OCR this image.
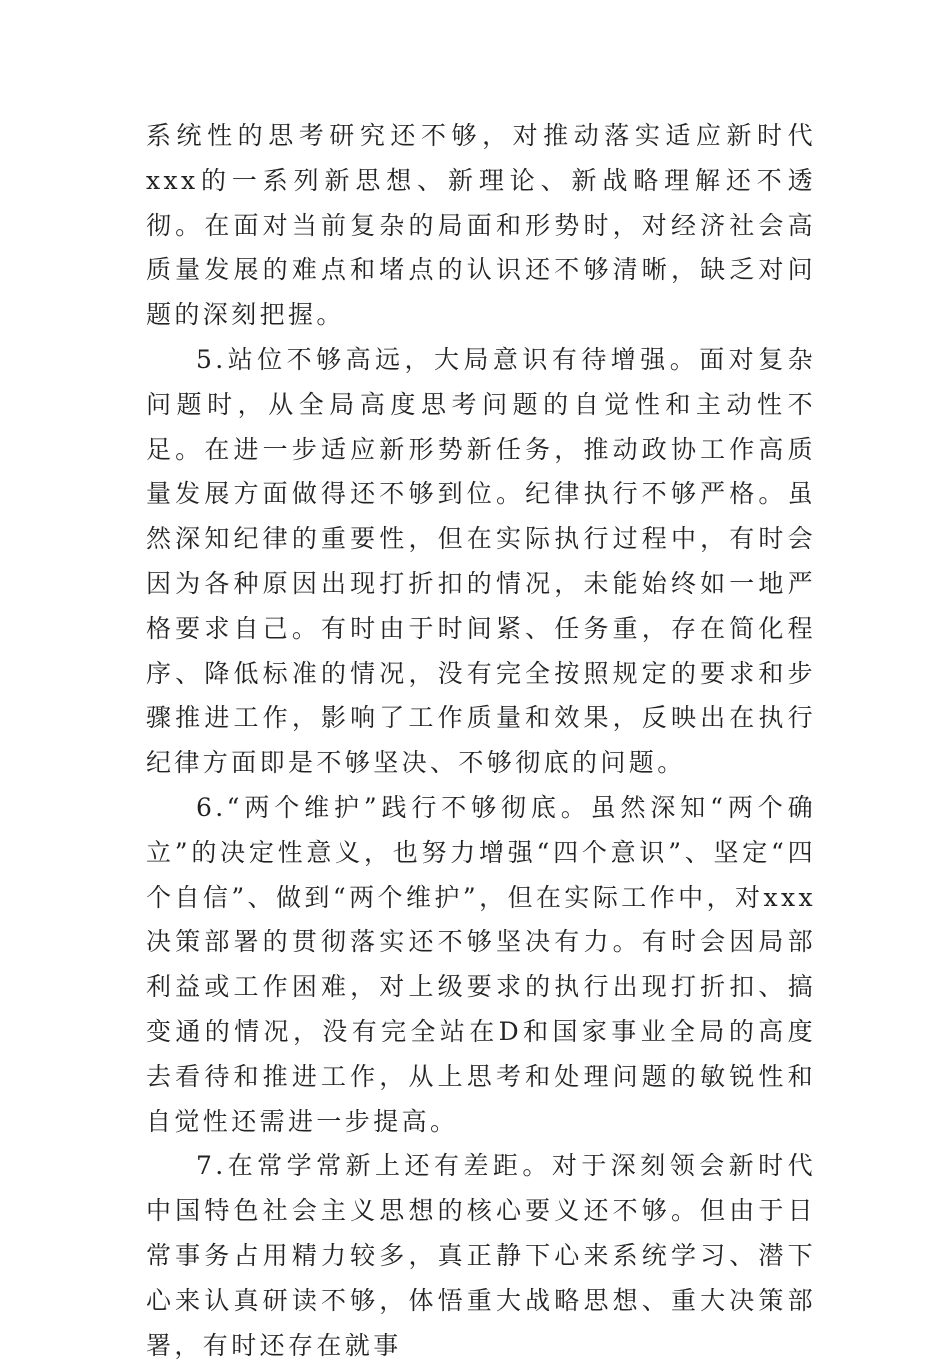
系统性的思考研究还不够，对推动落实适应新时代xxx的一系列新思想、新理论、新战略理解还不透彻。在面对当前复杂的局面和形势时，对经济社会高质量发展的难点和堵点的认识还不够清晰，缺乏对问题的深刻把握。

5.站位不够高远，大局意识有待增强。面对复杂问题时，从全局高度思考问题的自觉性和主动性不足。在进一步适应新形势新任务，推动政协工作高质量发展方面做得还不够到位。纪律执行不够严格。虽然深知纪律的重要性，但在实际执行过程中，有时会因为各种原因出现打折扣的情况，未能始终如一地严格要求自己。有时由于时间紧、任务重，存在简化程序、降低标准的情况，没有完全按照规定的要求和步骤推进工作，影响了工作质量和效果，反映出在执行纪律方面即是不够坚决、不够彻底的问题。

6.“两个维护”践行不够彻底。虽然深知“两个确立”的决定性意义，也努力增强“四个意识”、坚定“四个自信”、做到“两个维护”，但在实际工作中，对xxx决策部署的贯彻落实还不够坚决有力。有时会因局部利益或工作困难，对上级要求的执行出现打折扣、搞变通的情况，没有完全站在D和国家事业全局的高度去看待和推进工作，从上思考和处理问题的敏锐性和自觉性还需进一步提高。

7.在常学常新上还有差距。对于深刻领会新时代中国特色社会主义思想的核心要义还不够。但由于日常事务占用精力较多，真正静下心来系统学习、潜下心来认真研读不够，体悟重大战略思想、重大决策部署，有时还存在就事
